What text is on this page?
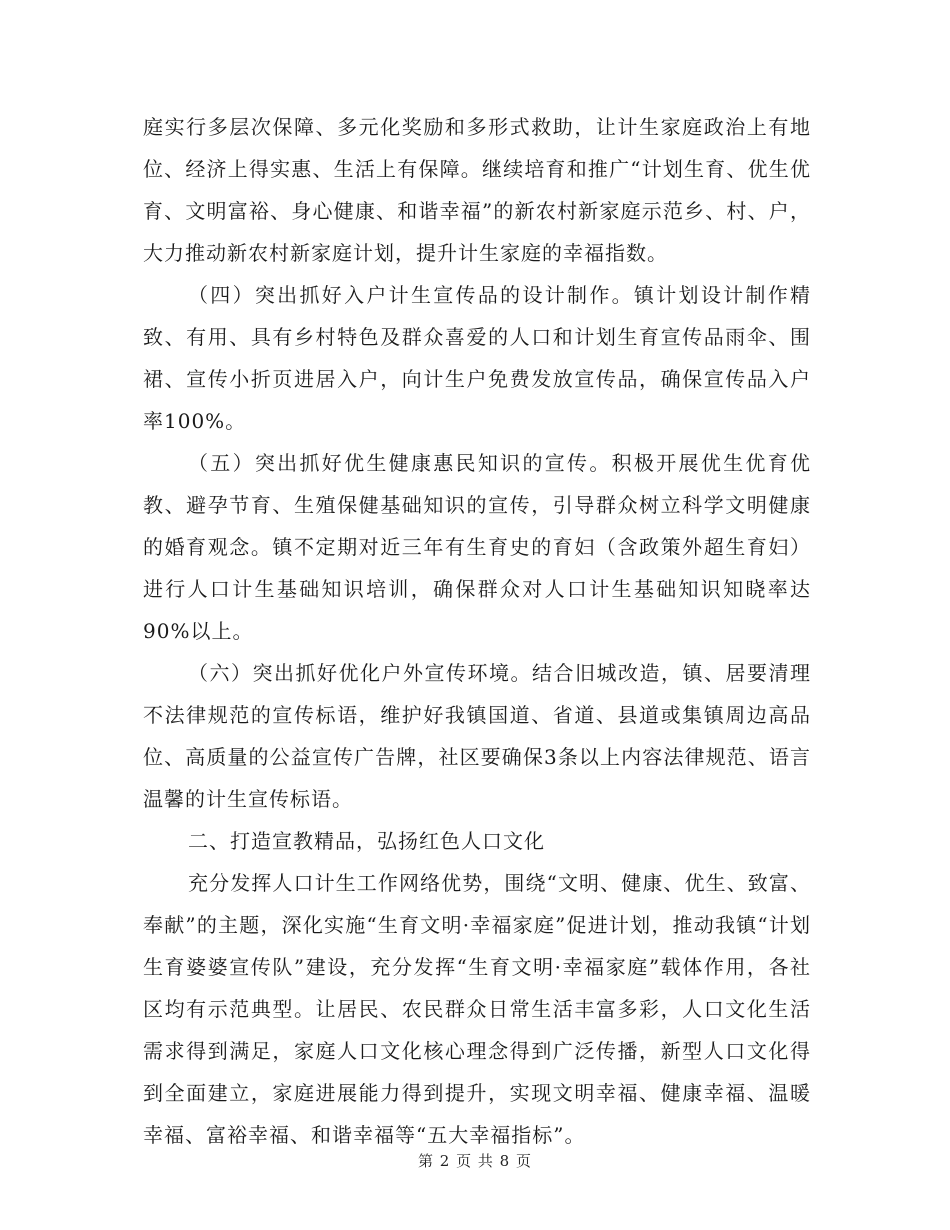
庭实行多层次保障、多元化奖励和多形式救助，让计生家庭政治上有地位、经济上得实惠、生活上有保障。继续培育和推广“计划生育、优生优育、文明富裕、身心健康、和谐幸福”的新农村新家庭示范乡、村、户，大力推动新农村新家庭计划，提升计生家庭的幸福指数。

（四）突出抓好入户计生宣传品的设计制作。镇计划设计制作精致、有用、具有乡村特色及群众喜爱的人口和计划生育宣传品雨伞、围裙、宣传小折页进居入户，向计生户免费发放宣传品，确保宣传品入户率100%。

（五）突出抓好优生健康惠民知识的宣传。积极开展优生优育优教、避孕节育、生殖保健基础知识的宣传，引导群众树立科学文明健康的婚育观念。镇不定期对近三年有生育史的育妇（含政策外超生育妇）进行人口计生基础知识培训，确保群众对人口计生基础知识知晓率达90%以上。

（六）突出抓好优化户外宣传环境。结合旧城改造，镇、居要清理不法律规范的宣传标语，维护好我镇国道、省道、县道或集镇周边高品位、高质量的公益宣传广告牌，社区要确保3条以上内容法律规范、语言温馨的计生宣传标语。

二、打造宣教精品，弘扬红色人口文化

充分发挥人口计生工作网络优势，围绕“文明、健康、优生、致富、奉献”的主题，深化实施“生育文明·幸福家庭”促进计划，推动我镇“计划生育婆婆宣传队”建设，充分发挥“生育文明·幸福家庭”载体作用，各社区均有示范典型。让居民、农民群众日常生活丰富多彩，人口文化生活需求得到满足，家庭人口文化核心理念得到广泛传播，新型人口文化得到全面建立，家庭进展能力得到提升，实现文明幸福、健康幸福、温暖幸福、富裕幸福、和谐幸福等“五大幸福指标”。

第 2 页 共 8 页
